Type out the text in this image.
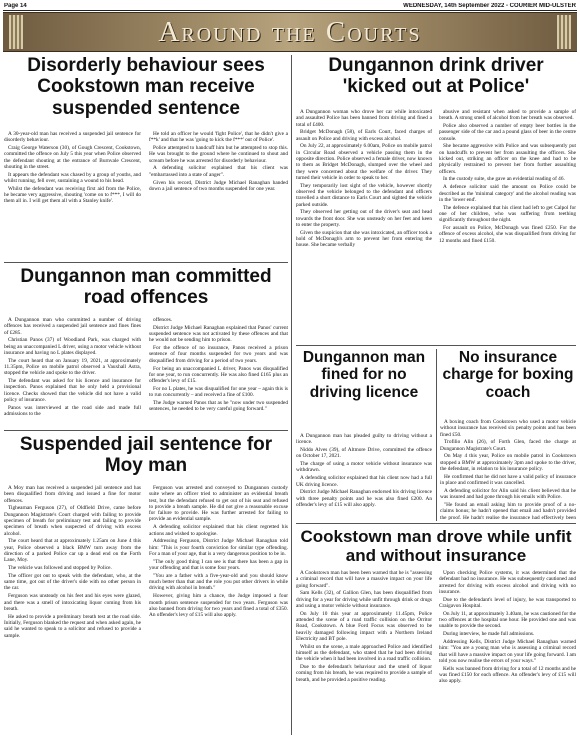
Page 14	WEDNESDAY, 14th September 2022 - COURIER MID-ULSTER
Around the Courts
Disorderly behaviour sees Cookstown man receive suspended sentence

A 30-year-old man has received a suspended jail sentence for disorderly behaviour.

Craig George Waterson (30), of Gough Crescent, Cookstown, committed the offence on July 5 this year when Police observed the defendant shouting at the entrance of Burnvale Crescent, shouting in the street.

It appears the defendant was chased by a group of youths, and whilst running, fell over, sustaining a wound to his head.

Whilst the defendant was receiving first aid from the Police, he became very aggressive, shouting 'come on to f***, I will do them all in. I will get them all with a Stanley knife'.

He told an officer he would 'fight Police', that he didn't give a f**k' and that he was 'going to kick the f***' out of Police'.

Police attempted to handcuff him but he attempted to stop this. He was brought to the ground where he continued to shout and scream before he was arrested for disorderly behaviour.

A defending solicitor explained that his client was "embarrassed into a state of anger".

Given his record, District Judge Michael Ranaghan handed down a jail sentence of two months suspended for one year.

Dungannon drink driver 'kicked out at Police'

A Dungannon woman who drove her car while intoxicated and assaulted Police has been banned from driving and fined a total of £400.

Bridget McDonagh (58), of Earls Court, faced charges of assault on Police and driving with excess alcohol.

On July 22, at approximately 6.00am, Police on mobile patrol in Circular Road observed a vehicle passing them in the opposite direction. Police observed a female driver, now known to them as Bridget McDonagh, slumped over the wheel and they were concerned about the welfare of the driver. They turned their vehicle in order to speak to her.

They temporarily lost sight of the vehicle, however shortly observed the vehicle belonged to the defendant and officers travelled a short distance to Earls Court and sighted the vehicle parked outside.

They observed her getting out of the driver's seat and head towards the front door. She was unsteady on her feet and keen to enter the property.

Given the suspicion that she was intoxicated, an officer took a hold of McDonagh's arm to prevent her from entering the house. She became verbally

abusive and resistant when asked to provide a sample of breath. A strong smell of alcohol from her breath was observed.

Police also observed a number of empty beer bottles in the passenger side of the car and a pound glass of beer in the centre console.

She became aggressive with Police and was subsequently put on handcuffs to prevent her from assaulting the officers. She kicked out, striking an officer on the knee and had to be physically restrained to prevent her from further assaulting officers.

In the custody suite, she gave an evidential reading of 46.

A defence solicitor said the amount on Police could be described as the 'minimal category' and the alcohol reading was in the 'lower end'.

The defence explained that his client had left to get Calpol for one of her children, who was suffering from teething significantly throughout the night.

For assault on Police, McDonagh was fined £250. For the offence of excess alcohol, she was disqualified from driving for 12 months and fined £150.

Dungannon man committed road offences

A Dungannon man who committed a number of driving offences has received a suspended jail sentence and fines fines of £285.

Christian Panos (37) of Woodland Park, was charged with being an unaccompanied L driver, using a motor vehicle without insurance and having no L plates displayed.

The court heard that on January 19, 2021, at approximately 11.35pm, Police on mobile patrol observed a Vauxhall Astra, stopped the vehicle and spoke to the driver.

The defendant was asked for his licence and insurance for inspection. Panos explained that he only held a provisional licence. Checks showed that the vehicle did not have a valid policy of insurance.

Panos was interviewed at the road side and made full admissions to the

offences.

District Judge Michael Ranaghan explained that Panos' current suspended sentence was not activated by these offences and that he would not be sending him to prison.

For the offence of no insurance, Panos received a prison sentence of four months suspended for two years and was disqualified from driving for a period of two years.

For being an unaccompanied L driver, Panos was disqualified for one year, to run concurrently. He was also fined £165 plus an offender's levy of £15.

For no L plates, he was disqualified for one year – again this is to run concurrently – and received a fine of £100.

The Judge warned Panos that as he "now under two suspended sentences, he needed to be very careful going forward."

Dungannon man fined for no driving licence

A Dungannon man has pleaded guilty to driving without a licence.

Niddo Alves (39), of Altmore Drive, committed the offence on October 17, 2021.

The charge of using a motor vehicle without insurance was withdrawn.

A defending solicitor explained that his client now had a full UK driving licence.

District Judge Michael Ranaghan endorsed his driving licence with three penalty points and he was also fined £200. An offender's levy of £15 will also apply.

No insurance charge for boxing coach

A boxing coach from Cookstown who used a motor vehicle without insurance has received six penalty points and has been fined £50.

Trofilio Alin (26), of Forth Glen, faced the charge at Dungannon Magistrate's Court.

On May 4 this year, Police on mobile patrol in Cookstown stopped a BMW at approximately 3pm and spoke to the driver, the defendant, in relation to his insurance policy.

He confirmed that he did not have a valid policy of insurance in place and confirmed it was cancelled.

A defending solicitor for Alin said his client believed that he was insured and had gone through his emails with Police.

"He found an email asking him to provide proof of a no-claims bonus; he hadn't opened that email and hadn't provided the proof. He hadn't realise the insurance had effectively been

Suspended jail sentence for Moy man

A Moy man has received a suspended jail sentence and has been disqualified from driving and issued a fine for motor offences.

Tighearnan Ferguson (27), of Oldfield Drive, came before Dungannon Magistrate's Court charged with failing to provide specimen of breath for preliminary test and failing to provide specimen of breath when suspected of driving with excess alcohol.

The court heard that at approximately 1.25am on June 4 this year, Police observed a black BMW turn away from the direction of a parked Police car up a dead end on the Forth Lane, Moy.

The vehicle was followed and stopped by Police.

The officer got out to speak with the defendant, who, at the same time, got out of the driver's side with no other person in the car.

Ferguson was unsteady on his feet and his eyes were glazed, and there was a smell of intoxicating liquor coming from his breath.

He asked to provide a preliminary breath test at the road side. Initially, Ferguson blanked the request and when asked again, he said he wanted to speak to a solicitor and refused to provide a sample.

Ferguson was arrested and conveyed to Dungannon custody suite where an officer tried to administer an evidential breath test, but the defendant refused to get out of his seat and refused to provide a breath sample. He did not give a reasonable excuse for failure to provide. He was further arrested for failing to provide an evidential sample.

A defending solicitor explained that his client regretted his actions and wished to apologise.

Addressing Ferguson, District Judge Michael Ranaghan told him: "This is your fourth conviction for similar type offending. For a man of your age, that is a very dangerous position to be in.

"The only good thing I can see is that there has been a gap in your offending and that is some four years.

"You are a father with a five-year-old and you should know much better than that and the role you put other drivers in while driving with alcohol in breath."

However, giving him a chance, the Judge imposed a four month prison sentence suspended for two years. Ferguson was also banned from driving for two years and fined a total of £350. An offender's levy of £15 will also apply.

Cookstown man drove while unfit and without insurance

A Cookstown man has been been warned that he is "assessing a criminal record that will have a massive impact on your life going forward".

Sam Kells (32), of Gallion Glen, has been disqualified from driving for a year for driving while unfit through drink or drugs and using a motor vehicle without insurance.

On July 10 this year at approximately 11.45pm, Police attended the scene of a road traffic collision on the Orritor Road, Cookstown. A blue Ford Focus was observed to be heavily damaged following impact with a Northern Ireland Electricity and BT pole.

Whilst on the scene, a male approached Police and identified himself as the defendant, who stated that he had been driving the vehicle when it had been involved in a road traffic collision.

Due to the defendant's behaviour and the smell of liquor coming from his breath, he was required to provide a sample of breath, and he provided a positive reading.

Upon checking Police systems, it was determined that the defendant had no insurance. He was subsequently cautioned and arrested for driving with excess alcohol and driving with no insurance.

Due to the defendant's level of injury, he was transported to Craigavon Hospital.

On July 11, at approximately 3.40am, he was cautioned for the two offences at the hospital one hour. He provided one and was unable to provide the second.

During interview, he made full admissions.

Addressing Kells, District Judge Michael Ranaghan warned him: "You are a young man who is assessing a criminal record that will have a massive impact on your life going forward. I am told you now realise the errors of your ways."

Kells was banned from driving for a total of 12 months and he was fined £150 for each offence. An offender's levy of £15 will also apply.
